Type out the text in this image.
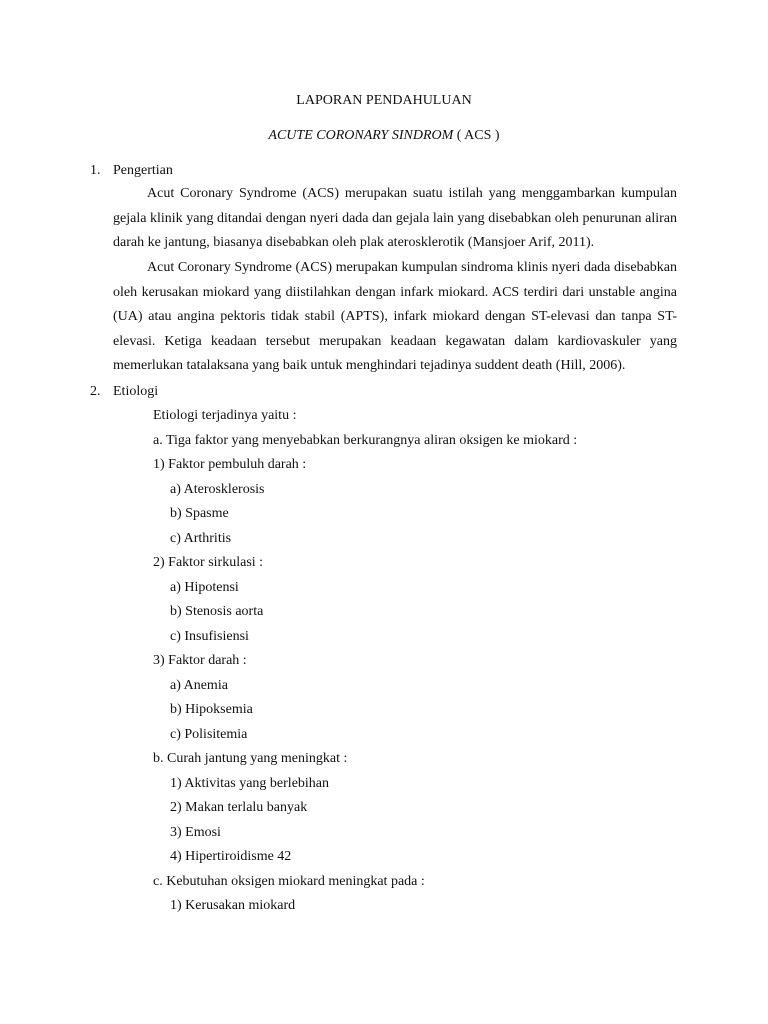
LAPORAN PENDAHULUAN
ACUTE CORONARY SINDROM ( ACS )
1. Pengertian

Acut Coronary Syndrome (ACS) merupakan suatu istilah yang menggambarkan kumpulan gejala klinik yang ditandai dengan nyeri dada dan gejala lain yang disebabkan oleh penurunan aliran darah ke jantung, biasanya disebabkan oleh plak aterosklerotik (Mansjoer Arif, 2011).

Acut Coronary Syndrome (ACS) merupakan kumpulan sindroma klinis nyeri dada disebabkan oleh kerusakan miokard yang diistilahkan dengan infark miokard. ACS terdiri dari unstable angina (UA) atau angina pektoris tidak stabil (APTS), infark miokard dengan ST-elevasi dan tanpa ST-elevasi. Ketiga keadaan tersebut merupakan keadaan kegawatan dalam kardiovaskuler yang memerlukan tatalaksana yang baik untuk menghindari tejadinya suddent death (Hill, 2006).

2. Etiologi
Etiologi terjadinya yaitu :
a. Tiga faktor yang menyebabkan berkurangnya aliran oksigen ke miokard :
1) Faktor pembuluh darah :
a) Aterosklerosis
b) Spasme
c) Arthritis
2) Faktor sirkulasi :
a) Hipotensi
b) Stenosis aorta
c) Insufisiensi
3) Faktor darah :
a) Anemia
b) Hipoksemia
c) Polisitemia
b. Curah jantung yang meningkat :
1) Aktivitas yang berlebihan
2) Makan terlalu banyak
3) Emosi
4) Hipertiroidisme 42
c. Kebutuhan oksigen miokard meningkat pada :
1) Kerusakan miokard
